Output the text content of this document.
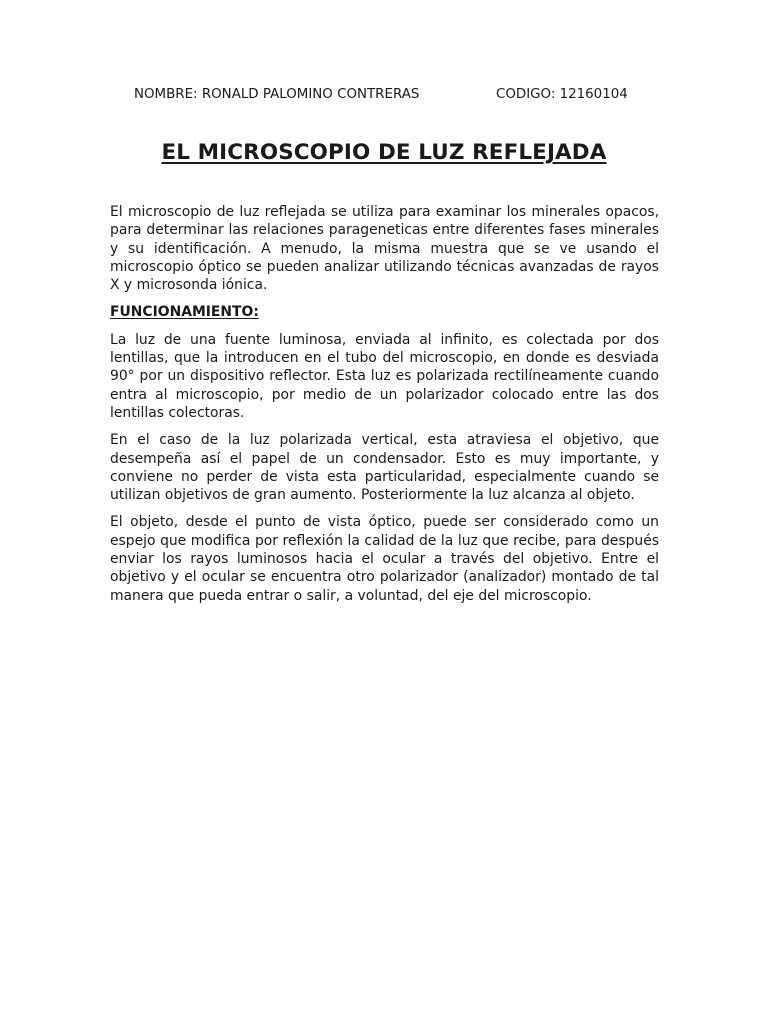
NOMBRE: RONALD PALOMINO CONTRERAS	CODIGO: 12160104
EL MICROSCOPIO DE LUZ REFLEJADA

El microscopio de luz reflejada se utiliza para examinar los minerales opacos, para determinar las relaciones parageneticas entre diferentes fases minerales y su identificación. A menudo, la misma muestra que se ve usando el microscopio óptico se pueden analizar utilizando técnicas avanzadas de rayos X y microsonda iónica.

FUNCIONAMIENTO:

La luz de una fuente luminosa, enviada al infinito, es colectada por dos lentillas, que la introducen en el tubo del microscopio, en donde es desviada 90° por un dispositivo reflector. Esta luz es polarizada rectilíneamente cuando entra al microscopio, por medio de un polarizador colocado entre las dos lentillas colectoras.

En el caso de la luz polarizada vertical, esta atraviesa el objetivo, que desempeña así el papel de un condensador. Esto es muy importante, y conviene no perder de vista esta particularidad, especialmente cuando se utilizan objetivos de gran aumento. Posteriormente la luz alcanza al objeto.

El objeto, desde el punto de vista óptico, puede ser considerado como un espejo que modifica por reflexión la calidad de la luz que recibe, para después enviar los rayos luminosos hacia el ocular a través del objetivo. Entre el objetivo y el ocular se encuentra otro polarizador (analizador) montado de tal manera que pueda entrar o salir, a voluntad, del eje del microscopio.
